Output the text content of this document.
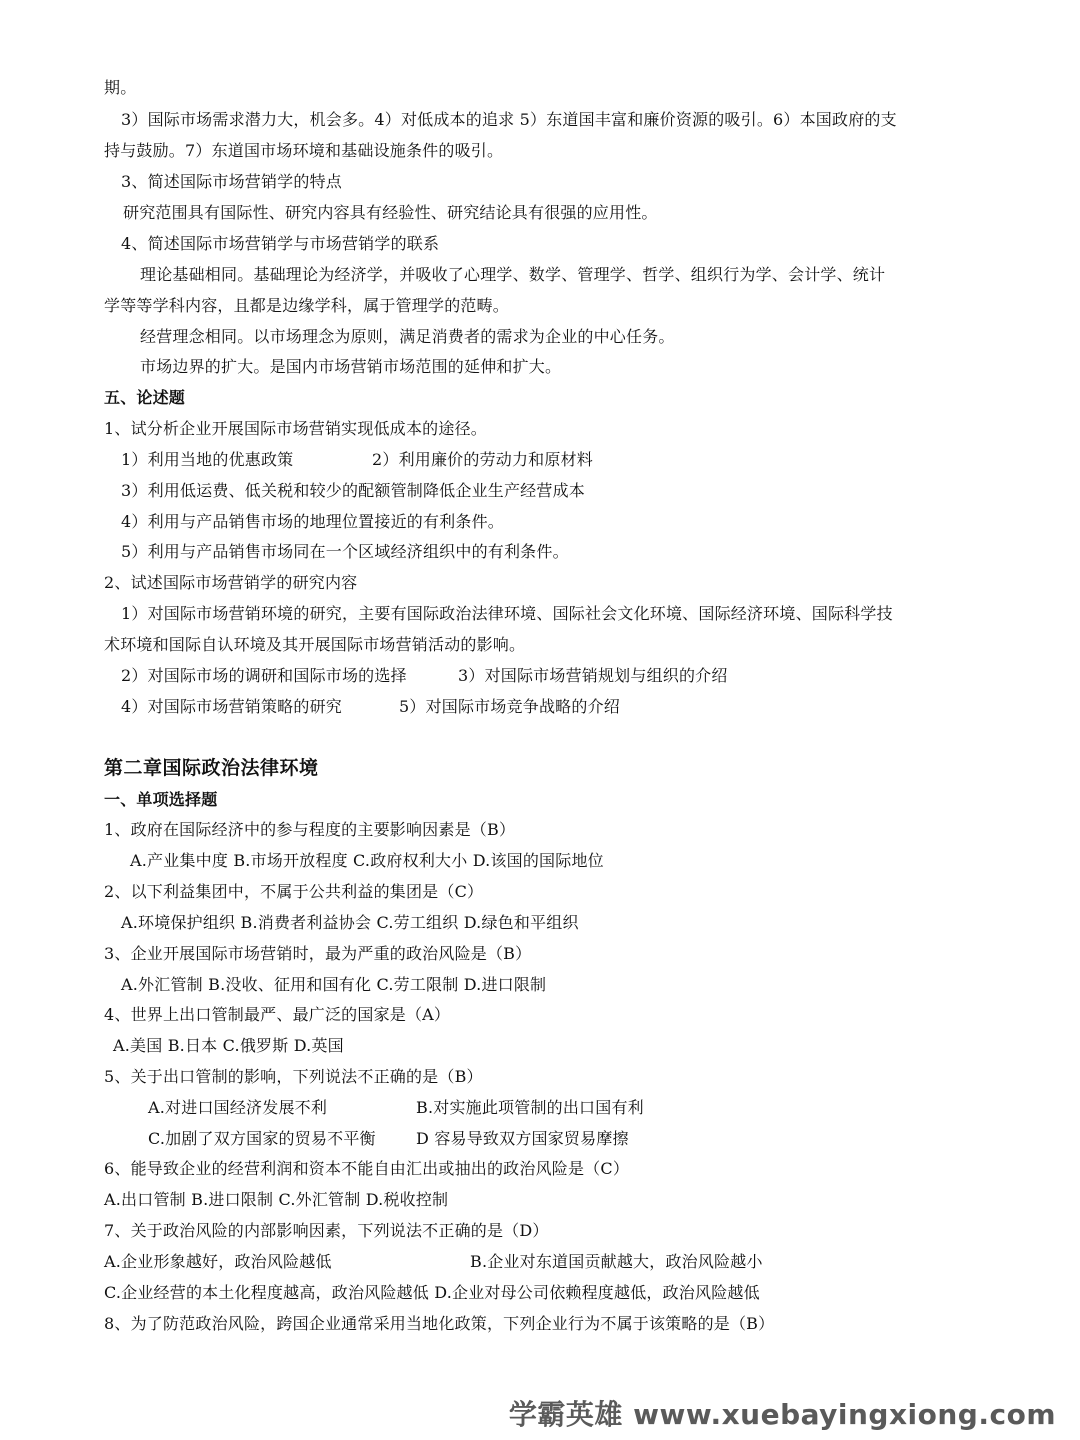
期。
3）国际市场需求潜力大，机会多。4）对低成本的追求 5）东道国丰富和廉价资源的吸引。6）本国政府的支
持与鼓励。7）东道国市场环境和基础设施条件的吸引。
3、简述国际市场营销学的特点
研究范围具有国际性、研究内容具有经验性、研究结论具有很强的应用性。
4、简述国际市场营销学与市场营销学的联系
理论基础相同。基础理论为经济学，并吸收了心理学、数学、管理学、哲学、组织行为学、会计学、统计
学等等学科内容，且都是边缘学科，属于管理学的范畴。
经营理念相同。以市场理念为原则，满足消费者的需求为企业的中心任务。
市场边界的扩大。是国内市场营销市场范围的延伸和扩大。
五、论述题
1、试分析企业开展国际市场营销实现低成本的途径。
1）利用当地的优惠政策	2）利用廉价的劳动力和原材料
3）利用低运费、低关税和较少的配额管制降低企业生产经营成本
4）利用与产品销售市场的地理位置接近的有利条件。
5）利用与产品销售市场同在一个区域经济组织中的有利条件。
2、试述国际市场营销学的研究内容
1）对国际市场营销环境的研究，主要有国际政治法律环境、国际社会文化环境、国际经济环境、国际科学技
术环境和国际自认环境及其开展国际市场营销活动的影响。
2）对国际市场的调研和国际市场的选择	3）对国际市场营销规划与组织的介绍
4）对国际市场营销策略的研究	5）对国际市场竞争战略的介绍
第二章国际政治法律环境
一、单项选择题
1、政府在国际经济中的参与程度的主要影响因素是（B）
A.产业集中度 B.市场开放程度 C.政府权利大小 D.该国的国际地位
2、以下利益集团中，不属于公共利益的集团是（C）
A.环境保护组织 B.消费者利益协会 C.劳工组织 D.绿色和平组织
3、企业开展国际市场营销时，最为严重的政治风险是（B）
A.外汇管制 B.没收、征用和国有化 C.劳工限制 D.进口限制
4、世界上出口管制最严、最广泛的国家是（A）
A.美国 B.日本 C.俄罗斯 D.英国
5、关于出口管制的影响，下列说法不正确的是（B）
A.对进口国经济发展不利	B.对实施此项管制的出口国有利
C.加剧了双方国家的贸易不平衡	D 容易导致双方国家贸易摩擦
6、能导致企业的经营利润和资本不能自由汇出或抽出的政治风险是（C）
A.出口管制 B.进口限制 C.外汇管制 D.税收控制
7、关于政治风险的内部影响因素，下列说法不正确的是（D）
A.企业形象越好，政治风险越低	B.企业对东道国贡献越大，政治风险越小
C.企业经营的本土化程度越高，政治风险越低 D.企业对母公司依赖程度越低，政治风险越低
8、为了防范政治风险，跨国企业通常采用当地化政策，下列企业行为不属于该策略的是（B）
学霸英雄 www.xuebayingxiong.com
